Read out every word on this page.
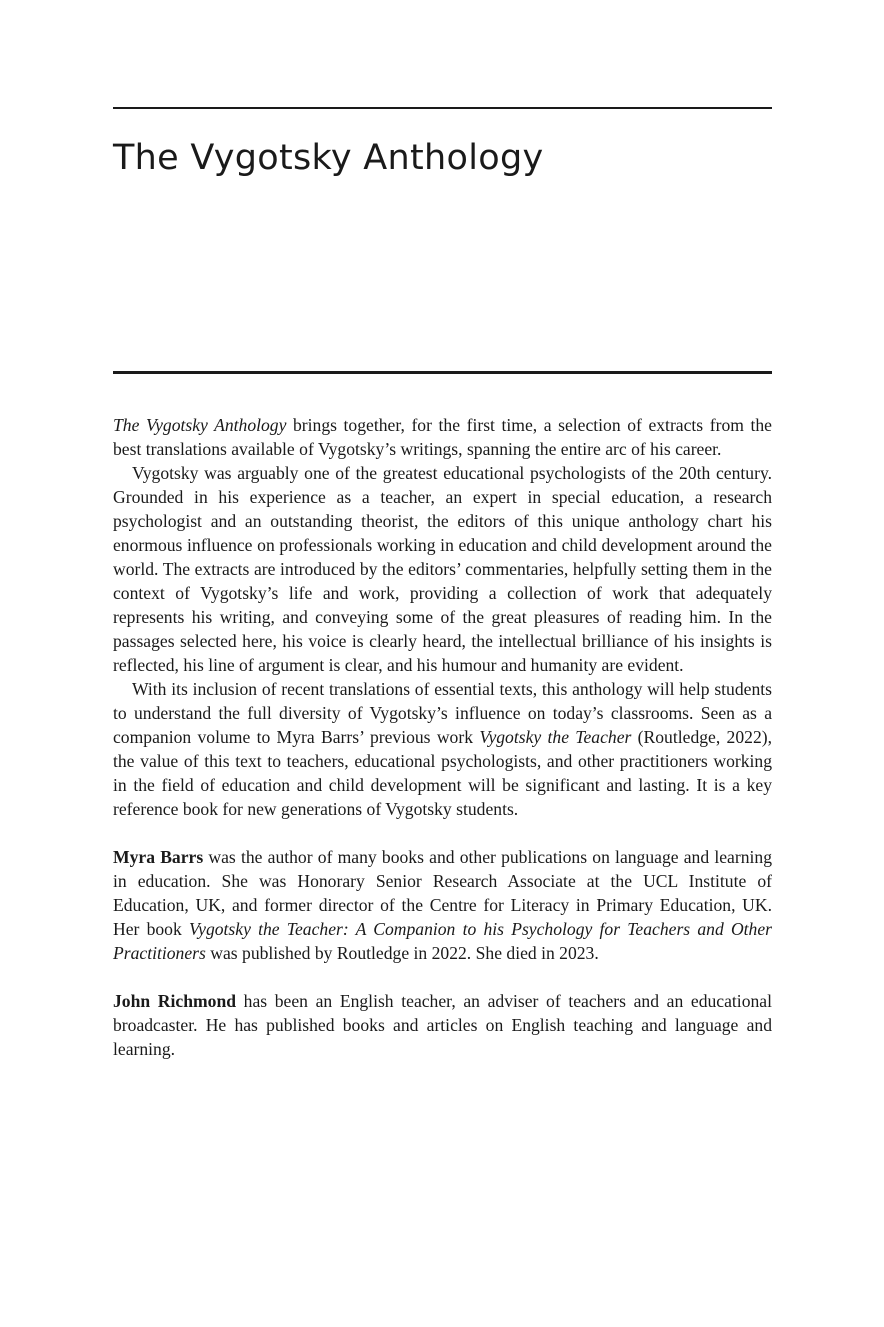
The Vygotsky Anthology

The Vygotsky Anthology brings together, for the first time, a selection of extracts from the best translations available of Vygotsky’s writings, spanning the entire arc of his career.

Vygotsky was arguably one of the greatest educational psychologists of the 20th century. Grounded in his experience as a teacher, an expert in special education, a research psychologist and an outstanding theorist, the editors of this unique anthology chart his enormous influence on professionals working in education and child development around the world. The extracts are introduced by the editors’ commentaries, helpfully setting them in the context of Vygotsky’s life and work, providing a collection of work that adequately represents his writing, and conveying some of the great pleasures of reading him. In the passages selected here, his voice is clearly heard, the intellectual brilliance of his insights is reflected, his line of argument is clear, and his humour and humanity are evident.

With its inclusion of recent translations of essential texts, this anthology will help students to understand the full diversity of Vygotsky’s influence on today’s classrooms. Seen as a companion volume to Myra Barrs’ previous work Vygotsky the Teacher (Routledge, 2022), the value of this text to teachers, educational psychologists, and other practitioners working in the field of education and child development will be significant and lasting. It is a key reference book for new generations of Vygotsky students.

Myra Barrs was the author of many books and other publications on language and learning in education. She was Honorary Senior Research Associate at the UCL Institute of Education, UK, and former director of the Centre for Literacy in Primary Education, UK. Her book Vygotsky the Teacher: A Companion to his Psychology for Teachers and Other Practitioners was published by Routledge in 2022. She died in 2023.

John Richmond has been an English teacher, an adviser of teachers and an educational broadcaster. He has published books and articles on English teaching and language and learning.
